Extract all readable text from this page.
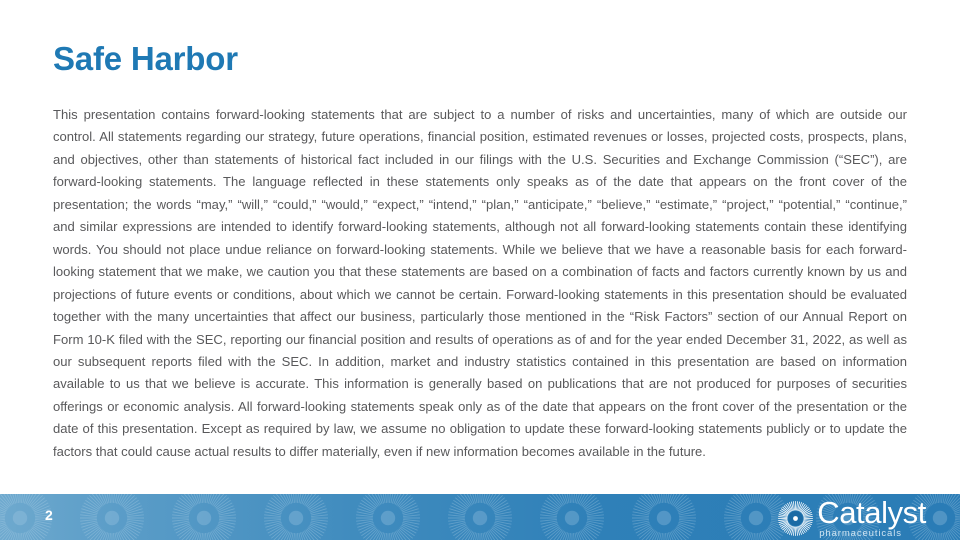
Safe Harbor

This presentation contains forward-looking statements that are subject to a number of risks and uncertainties, many of which are outside our control. All statements regarding our strategy, future operations, financial position, estimated revenues or losses, projected costs, prospects, plans, and objectives, other than statements of historical fact included in our filings with the U.S. Securities and Exchange Commission (“SEC”), are forward-looking statements. The language reflected in these statements only speaks as of the date that appears on the front cover of the presentation; the words “may,” “will,” “could,” “would,” “expect,” “intend,” “plan,” “anticipate,” “believe,” “estimate,” “project,” “potential,” “continue,” and similar expressions are intended to identify forward-looking statements, although not all forward-looking statements contain these identifying words. You should not place undue reliance on forward-looking statements. While we believe that we have a reasonable basis for each forward-looking statement that we make, we caution you that these statements are based on a combination of facts and factors currently known by us and projections of future events or conditions, about which we cannot be certain. Forward-looking statements in this presentation should be evaluated together with the many uncertainties that affect our business, particularly those mentioned in the “Risk Factors” section of our Annual Report on Form 10-K filed with the SEC, reporting our financial position and results of operations as of and for the year ended December 31, 2022, as well as our subsequent reports filed with the SEC. In addition, market and industry statistics contained in this presentation are based on information available to us that we believe is accurate. This information is generally based on publications that are not produced for purposes of securities offerings or economic analysis. All forward-looking statements speak only as of the date that appears on the front cover of the presentation or the date of this presentation. Except as required by law, we assume no obligation to update these forward-looking statements publicly or to update the factors that could cause actual results to differ materially, even if new information becomes available in the future.

2	Catalyst
pharmaceuticals
